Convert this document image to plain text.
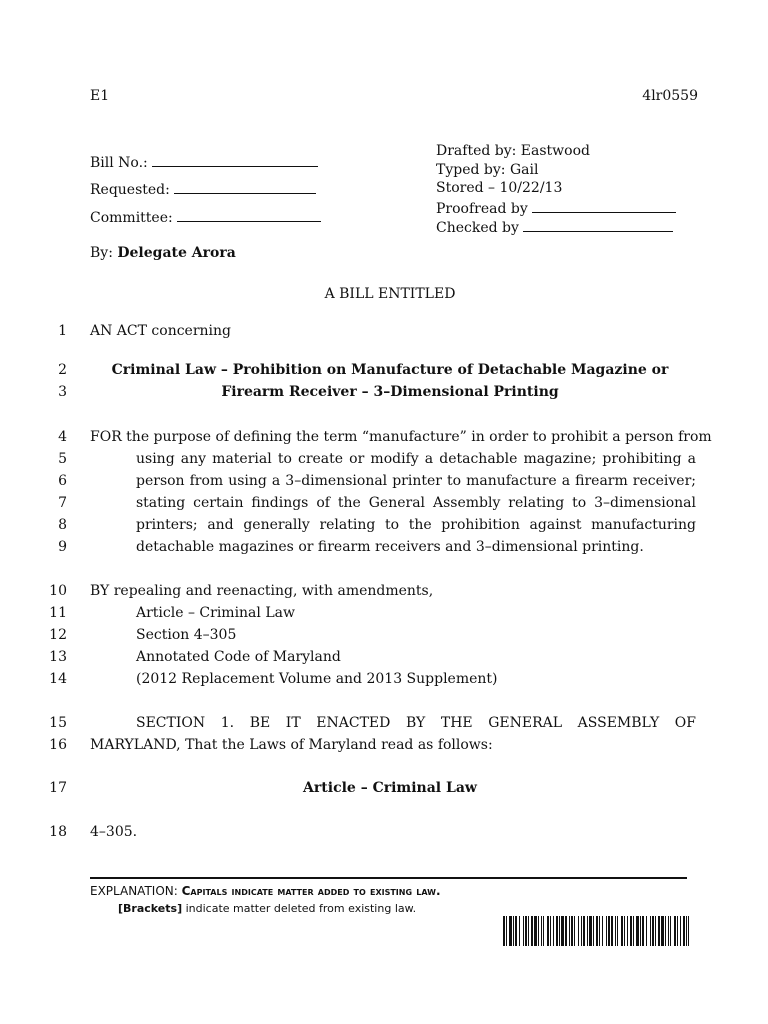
E1	4lr0559
Bill No.:
Requested:
Committee:
Drafted by: Eastwood
Typed by: Gail
Stored – 10/22/13
Proofread by
Checked by
By: Delegate Arora
A BILL ENTITLED
1 AN ACT concerning
2	Criminal Law – Prohibition on Manufacture of Detachable Magazine or
3	Firearm Receiver – 3–Dimensional Printing
4 FOR the purpose of defining the term “manufacture” in order to prohibit a person from
5	using any material to create or modify a detachable magazine; prohibiting a
6	person from using a 3–dimensional printer to manufacture a firearm receiver;
7	stating certain findings of the General Assembly relating to 3–dimensional
8	printers; and generally relating to the prohibition against manufacturing
9	detachable magazines or firearm receivers and 3–dimensional printing.
10 BY repealing and reenacting, with amendments,
11	Article – Criminal Law
12	Section 4–305
13	Annotated Code of Maryland
14	(2012 Replacement Volume and 2013 Supplement)
15	SECTION 1. BE IT ENACTED BY THE GENERAL ASSEMBLY OF
16 MARYLAND, That the Laws of Maryland read as follows:
17	Article – Criminal Law
18 4–305.
EXPLANATION: Capitals indicate matter added to existing law.
[Brackets] indicate matter deleted from existing law.
